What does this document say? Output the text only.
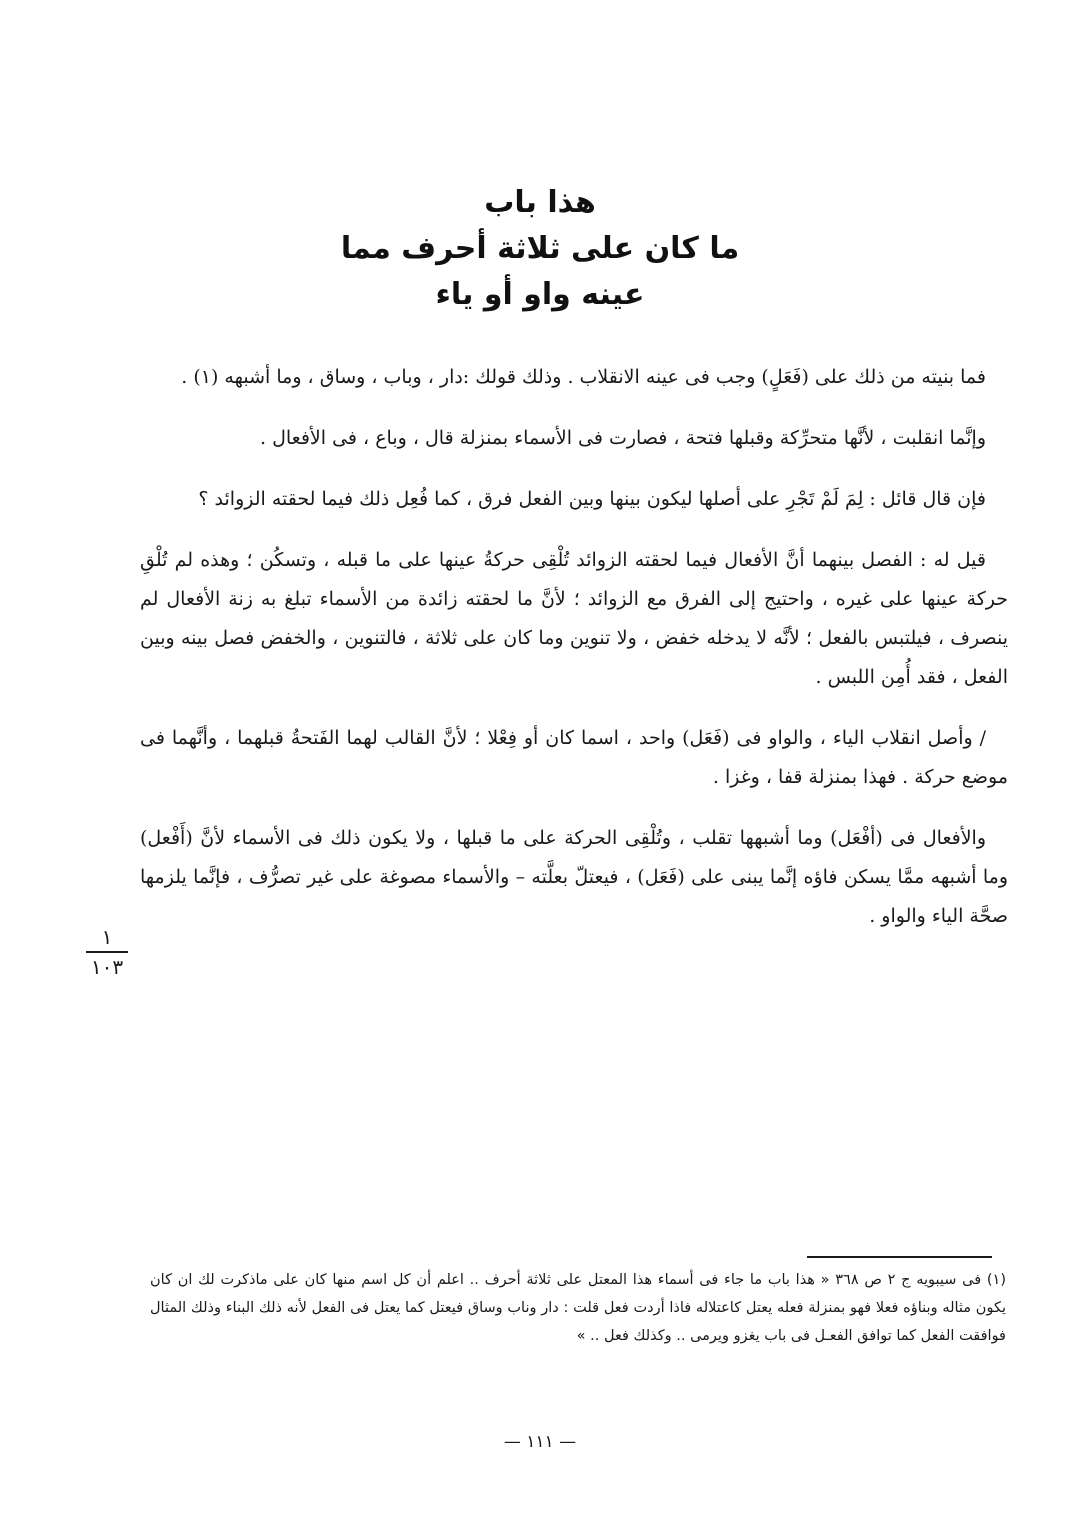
هذا باب
ما كان على ثلاثة أحرف مما
عينه واو أو ياء

فما بنيته من ذلك على (فَعَلٍ) وجب فى عينه الانقلاب . وذلك قولك :دار ، وباب ، وساق ، وما أشبهه (١) .

وإنَّما انقلبت ، لأنَّها متحرِّكة وقبلها فتحة ، فصارت فى الأسماء بمنزلة قال ، وباع ، فى الأفعال .

فإن قال قائل : لِمَ لَمْ تَجْرِ على أصلها ليكون بينها وبين الفعل فرق ، كما فُعِل ذلك فيما لحقته الزوائد ؟

قيل له : الفصل بينهما أنَّ الأفعال فيما لحقته الزوائد تُلْقِى حركةُ عينها على ما قبله ، وتسكُن ؛ وهذه لم تُلْقِ حركة عينها على غيره ، واحتيج إلى الفرق مع الزوائد ؛ لأنَّ ما لحقته زائدة من الأسماء تبلغ به زنة الأفعال لم ينصرف ، فيلتبس بالفعل ؛ لأنَّه لا يدخله خفض ، ولا تنوين وما كان على ثلاثة ، فالتنوين ، والخفض فصل بينه وبين الفعل ، فقد أُمِن اللبس .

/ وأصل انقلاب الياء ، والواو فى (فَعَل) واحد ، اسما كان أو فِعْلا ؛ لأنَّ القالب لهما الفَتحةُ قبلهما ، وأنَّهما فى موضع حركة . فهذا بمنزلة قفا ، وغزا .

والأفعال فى (أفْعَل) وما أشبهها تقلب ، وتُلْقِى الحركة على ما قبلها ، ولا يكون ذلك فى الأسماء لأنَّ (أَفْعل) وما أشبهه ممَّا يسكن فاؤه إنَّما يبنى على (فَعَل) ، فيعتلّ بعلَّته – والأسماء مصوغة على غير تصرُّف ، فإنَّما يلزمها صحَّة الياء والواو .

١
١٠٣

(١) فى سيبويه ج ٢ ص ٣٦٨ « هذا باب ما جاء فى أسماء هذا المعتل على ثلاثة أحرف .. اعلم أن كل اسم منها كان على ماذكرت لك ان كان يكون مثاله وبناؤه فعلا فهو بمنزلة فعله يعتل كاعتلاله فاذا أردت فعل قلت : دار وناب وساق فيعتل كما يعتل فى الفعل لأنه ذلك البناء وذلك المثال فوافقت الفعل كما توافق الفعـل فى باب يغزو ويرمى .. وكذلك فعل .. »

— ١١١ —
